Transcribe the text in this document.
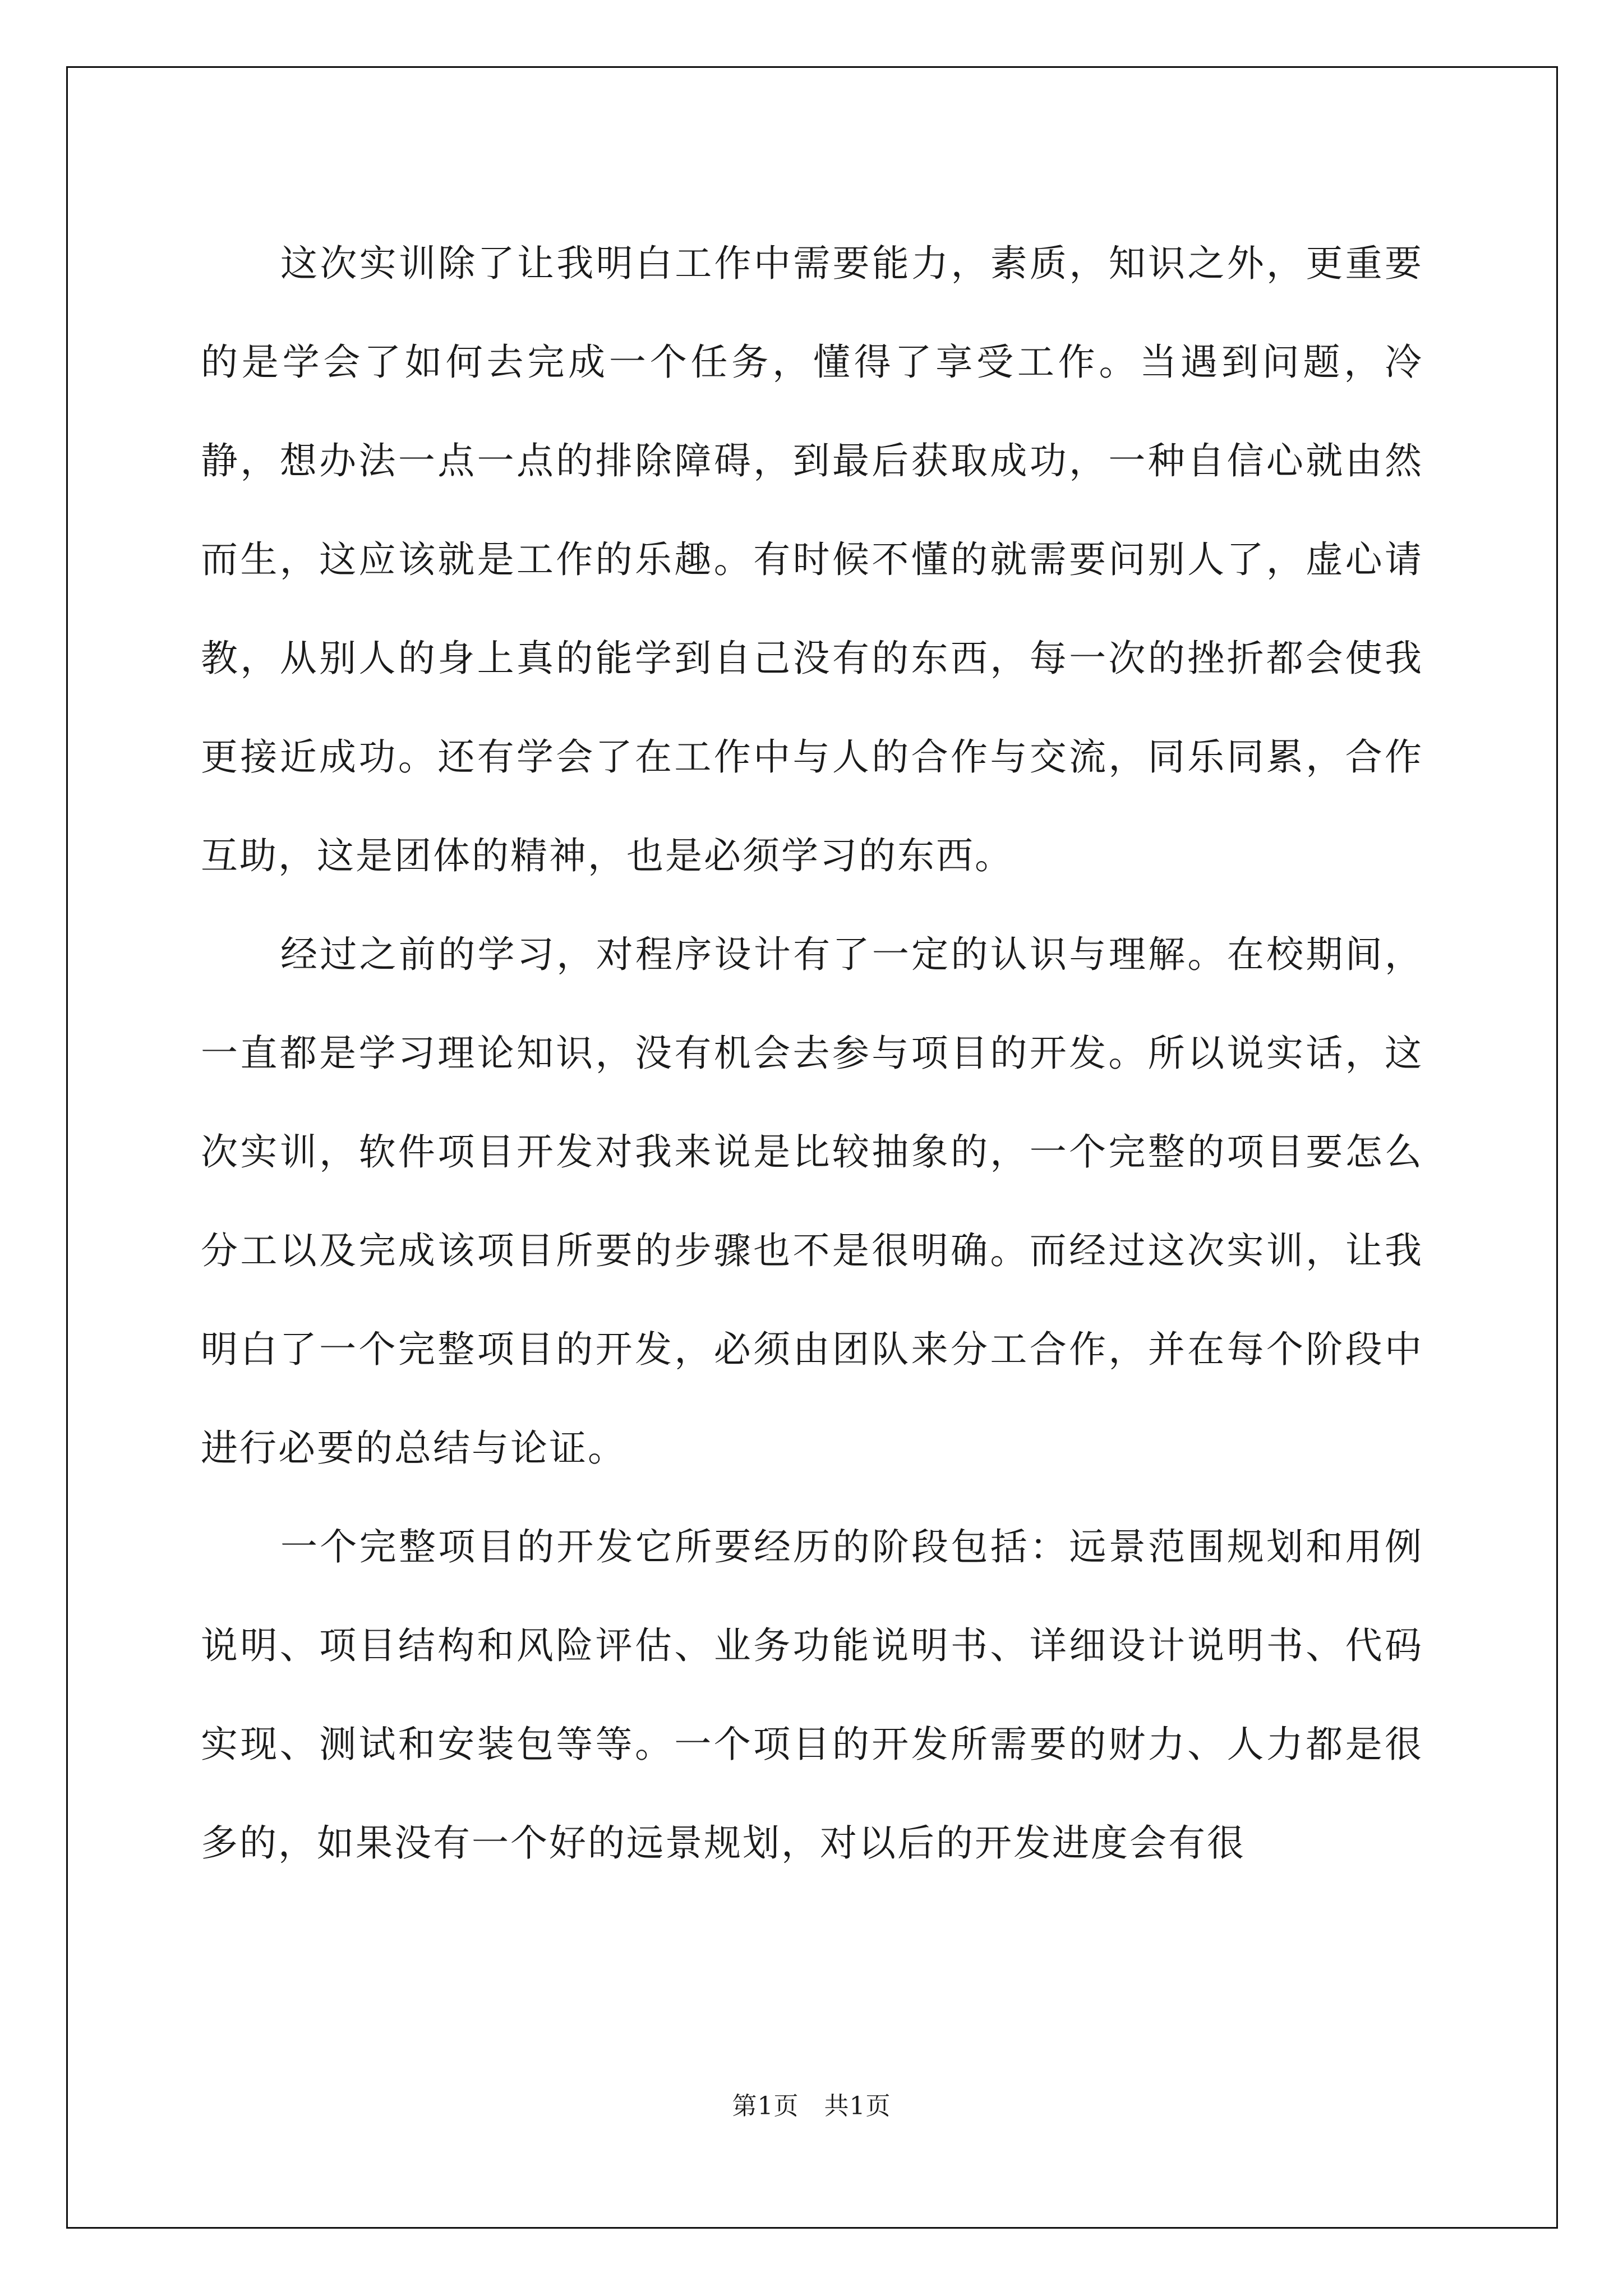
这次实训除了让我明白工作中需要能力，素质，知识之外，更重要的是学会了如何去完成一个任务，懂得了享受工作。当遇到问题，冷静，想办法一点一点的排除障碍，到最后获取成功，一种自信心就由然而生，这应该就是工作的乐趣。有时候不懂的就需要问别人了，虚心请教，从别人的身上真的能学到自己没有的东西，每一次的挫折都会使我更接近成功。还有学会了在工作中与人的合作与交流，同乐同累，合作互助，这是团体的精神，也是必须学习的东西。

经过之前的学习，对程序设计有了一定的认识与理解。在校期间，一直都是学习理论知识，没有机会去参与项目的开发。所以说实话，这次实训，软件项目开发对我来说是比较抽象的，一个完整的项目要怎么分工以及完成该项目所要的步骤也不是很明确。而经过这次实训，让我明白了一个完整项目的开发，必须由团队来分工合作，并在每个阶段中进行必要的总结与论证。

一个完整项目的开发它所要经历的阶段包括：远景范围规划和用例说明、项目结构和风险评估、业务功能说明书、详细设计说明书、代码实现、测试和安装包等等。一个项目的开发所需要的财力、人力都是很多的，如果没有一个好的远景规划，对以后的开发进度会有很

第1页 共1页
